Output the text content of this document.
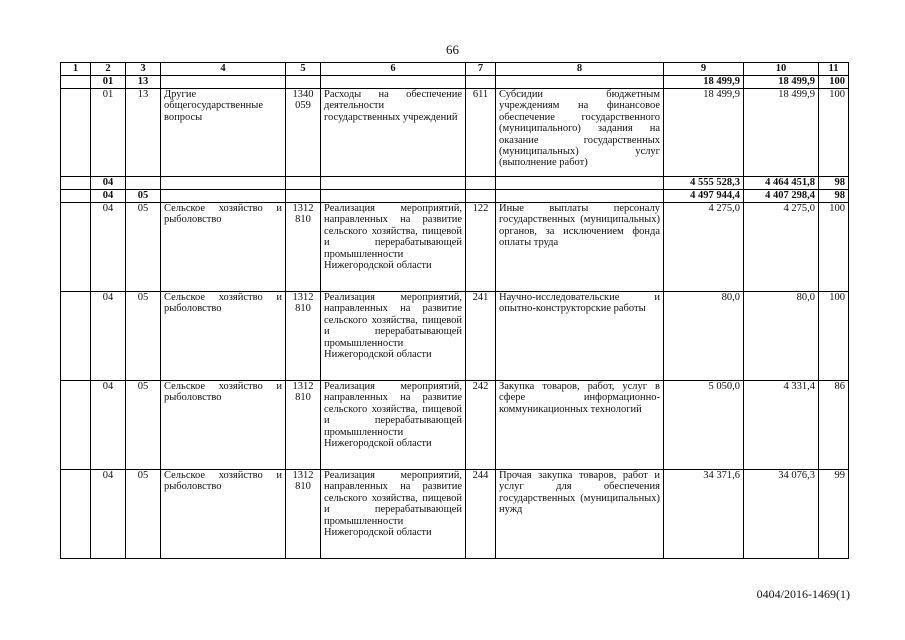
66
1	2	3	4	5	6	7	8	9	10	11
	01	13						18 499,9	18 499,9	100
	01	13	Другие общегосударственные вопросы	1340 059	Расходы на обеспечение деятельности государственных учреждений	611	Субсидии бюджетным учреждениям на финансовое обеспечение государственного (муниципального) задания на оказание государственных (муниципальных) услуг (выполнение работ)	18 499,9	18 499,9	100
	04							4 555 528,3	4 464 451,8	98
	04	05						4 497 944,4	4 407 298,4	98
	04	05	Сельское хозяйство и рыболовство	1312 810	Реализация мероприятий, направленных на развитие сельского хозяйства, пищевой и перерабатывающей промышленности Нижегородской области	122	Иные выплаты персоналу государственных (муниципальных) органов, за исключением фонда оплаты труда	4 275,0	4 275,0	100
	04	05	Сельское хозяйство и рыболовство	1312 810	Реализация мероприятий, направленных на развитие сельского хозяйства, пищевой и перерабатывающей промышленности Нижегородской области	241	Научно-исследовательские и опытно-конструкторские работы	80,0	80,0	100
	04	05	Сельское хозяйство и рыболовство	1312 810	Реализация мероприятий, направленных на развитие сельского хозяйства, пищевой и перерабатывающей промышленности Нижегородской области	242	Закупка товаров, работ, услуг в сфере информационно-коммуникационных технологий	5 050,0	4 331,4	86
	04	05	Сельское хозяйство и рыболовство	1312 810	Реализация мероприятий, направленных на развитие сельского хозяйства, пищевой и перерабатывающей промышленности Нижегородской области	244	Прочая закупка товаров, работ и услуг для обеспечения государственных (муниципальных) нужд	34 371,6	34 076,3	99
0404/2016-1469(1)
